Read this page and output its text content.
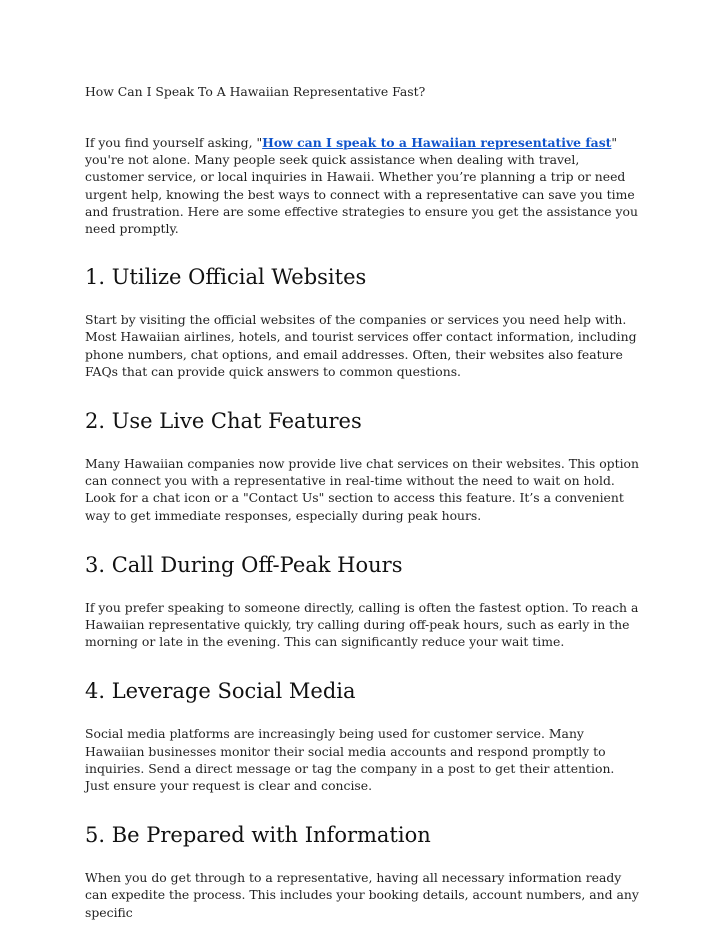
How Can I Speak To A Hawaiian Representative Fast?

If you find yourself asking, "How can I speak to a Hawaiian representative fast" you're not alone. Many people seek quick assistance when dealing with travel, customer service, or local inquiries in Hawaii. Whether you’re planning a trip or need urgent help, knowing the best ways to connect with a representative can save you time and frustration. Here are some effective strategies to ensure you get the assistance you need promptly.

1. Utilize Official Websites

Start by visiting the official websites of the companies or services you need help with. Most Hawaiian airlines, hotels, and tourist services offer contact information, including phone numbers, chat options, and email addresses. Often, their websites also feature FAQs that can provide quick answers to common questions.

2. Use Live Chat Features

Many Hawaiian companies now provide live chat services on their websites. This option can connect you with a representative in real-time without the need to wait on hold. Look for a chat icon or a "Contact Us" section to access this feature. It’s a convenient way to get immediate responses, especially during peak hours.

3. Call During Off-Peak Hours

If you prefer speaking to someone directly, calling is often the fastest option. To reach a Hawaiian representative quickly, try calling during off-peak hours, such as early in the morning or late in the evening. This can significantly reduce your wait time.

4. Leverage Social Media

Social media platforms are increasingly being used for customer service. Many Hawaiian businesses monitor their social media accounts and respond promptly to inquiries. Send a direct message or tag the company in a post to get their attention. Just ensure your request is clear and concise.

5. Be Prepared with Information

When you do get through to a representative, having all necessary information ready can expedite the process. This includes your booking details, account numbers, and any specific
